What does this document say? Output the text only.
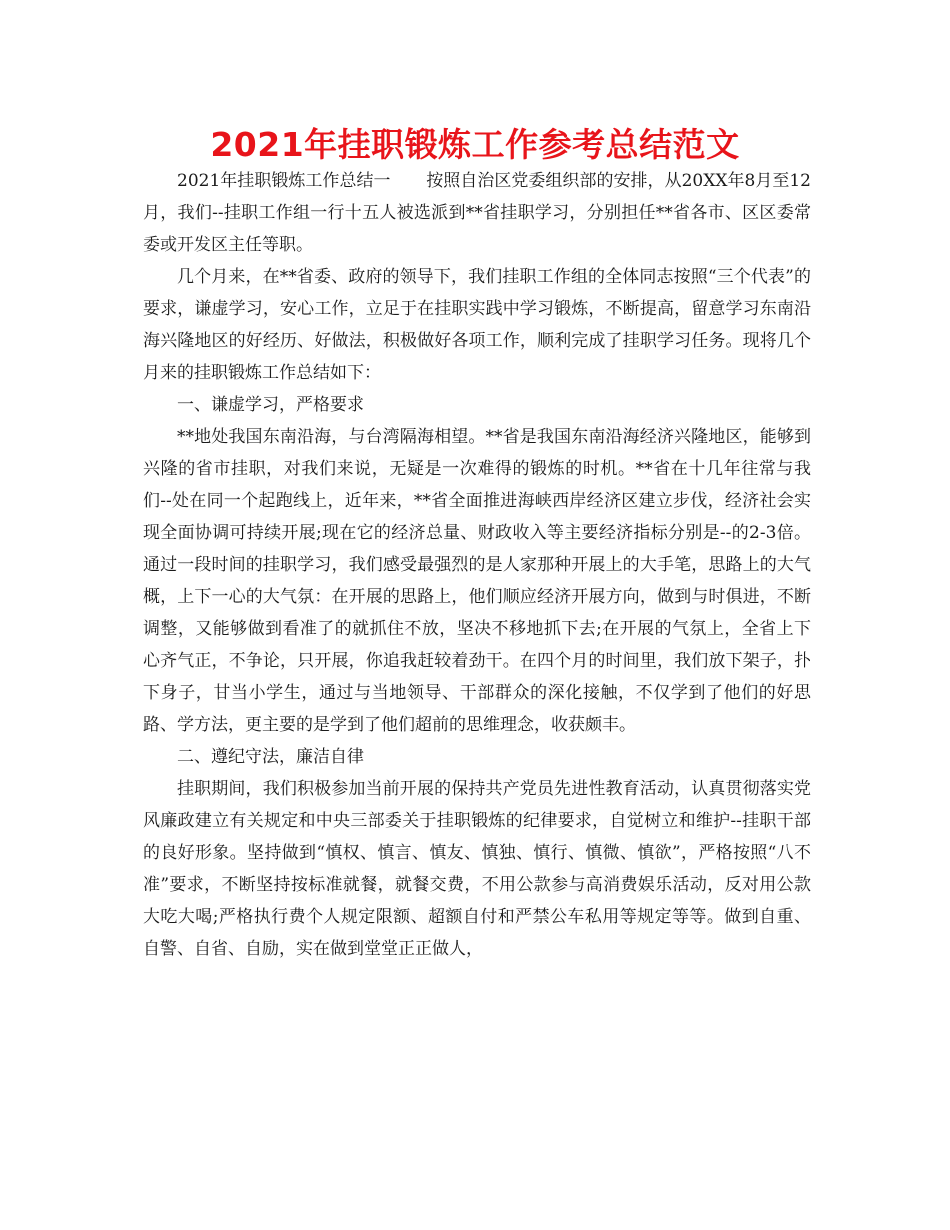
2021年挂职锻炼工作参考总结范文

2021年挂职锻炼工作总结一 按照自治区党委组织部的安排，从20XX年8月至12月，我们--挂职工作组一行十五人被选派到**省挂职学习，分别担任**省各市、区区委常委或开发区主任等职。

几个月来，在**省委、政府的领导下，我们挂职工作组的全体同志按照“三个代表”的要求，谦虚学习，安心工作，立足于在挂职实践中学习锻炼，不断提高，留意学习东南沿海兴隆地区的好经历、好做法，积极做好各项工作，顺利完成了挂职学习任务。现将几个月来的挂职锻炼工作总结如下：

一、谦虚学习，严格要求

**地处我国东南沿海，与台湾隔海相望。**省是我国东南沿海经济兴隆地区，能够到兴隆的省市挂职，对我们来说，无疑是一次难得的锻炼的时机。**省在十几年往常与我们--处在同一个起跑线上，近年来，**省全面推进海峡西岸经济区建立步伐，经济社会实现全面协调可持续开展;现在它的经济总量、财政收入等主要经济指标分别是--的2-3倍。通过一段时间的挂职学习，我们感受最强烈的是人家那种开展上的大手笔，思路上的大气概，上下一心的大气氛：在开展的思路上，他们顺应经济开展方向，做到与时俱进，不断调整，又能够做到看准了的就抓住不放，坚决不移地抓下去;在开展的气氛上，全省上下心齐气正，不争论，只开展，你追我赶较着劲干。在四个月的时间里，我们放下架子，扑下身子，甘当小学生，通过与当地领导、干部群众的深化接触，不仅学到了他们的好思路、学方法，更主要的是学到了他们超前的思维理念，收获颇丰。

二、遵纪守法，廉洁自律

挂职期间，我们积极参加当前开展的保持共产党员先进性教育活动，认真贯彻落实党风廉政建立有关规定和中央三部委关于挂职锻炼的纪律要求，自觉树立和维护--挂职干部的良好形象。坚持做到“慎权、慎言、慎友、慎独、慎行、慎微、慎欲”，严格按照“八不准”要求，不断坚持按标准就餐，就餐交费，不用公款参与高消费娱乐活动，反对用公款大吃大喝;严格执行费个人规定限额、超额自付和严禁公车私用等规定等等。做到自重、自警、自省、自励，实在做到堂堂正正做人，
